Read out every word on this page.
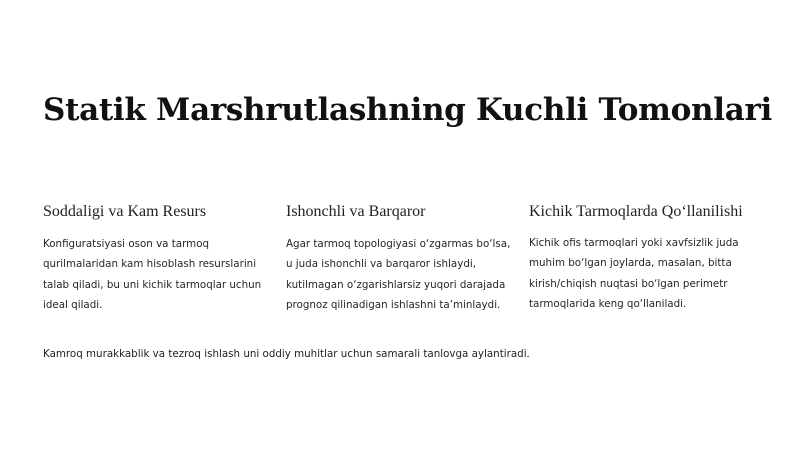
Statik Marshrutlashning Kuchli Tomonlari
Soddaligi va Kam Resurs

Konfiguratsiyasi oson va tarmoq qurilmalaridan kam hisoblash resurslarini talab qiladi, bu uni kichik tarmoqlar uchun ideal qiladi.

Ishonchli va Barqaror

Agar tarmoq topologiyasi o‘zgarmas bo‘lsa, u juda ishonchli va barqaror ishlaydi, kutilmagan o‘zgarishlarsiz yuqori darajada prognoz qilinadigan ishlashni ta’minlaydi.

Kichik Tarmoqlarda Qo‘llanilishi

Kichik ofis tarmoqlari yoki xavfsizlik juda muhim bo‘lgan joylarda, masalan, bitta kirish/chiqish nuqtasi bo‘lgan perimetr tarmoqlarida keng qo‘llaniladi.

Kamroq murakkablik va tezroq ishlash uni oddiy muhitlar uchun samarali tanlovga aylantiradi.
